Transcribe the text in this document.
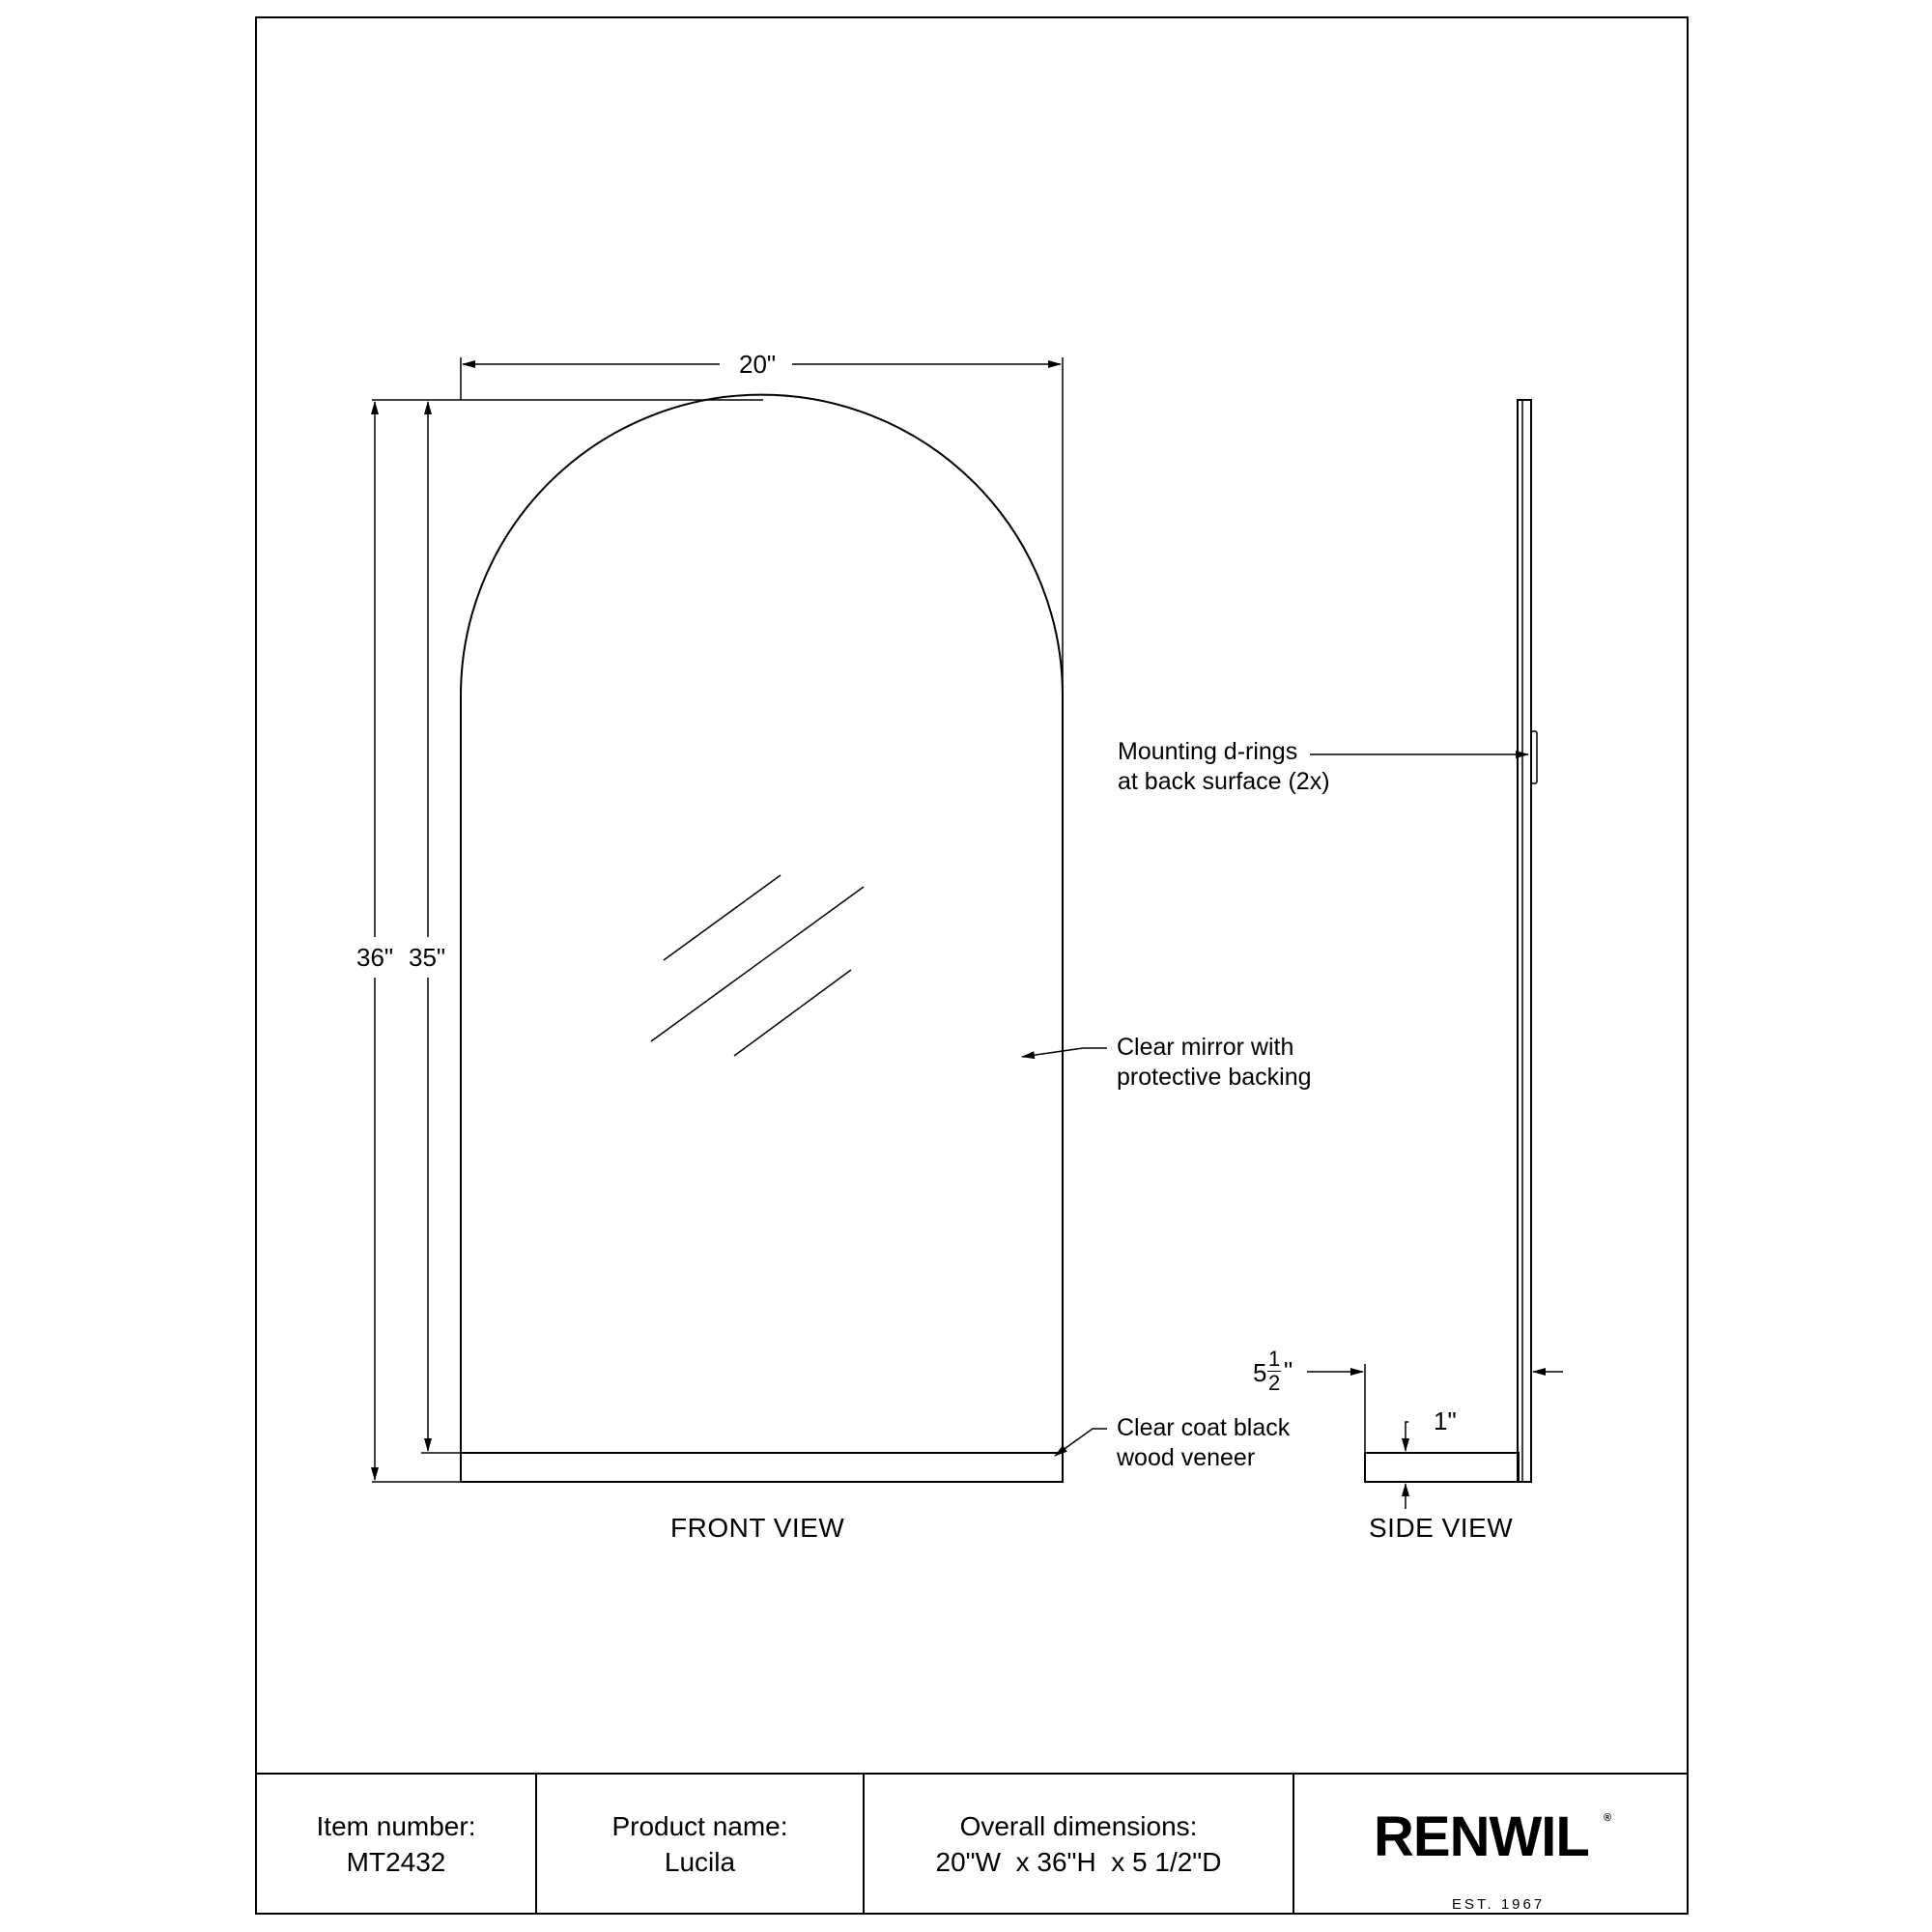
20"
36" 35"
5 1
2 "
1"
Mounting d-rings
at back surface (2x)
Clear mirror with
protective backing
Clear coat black
wood veneer
FRONT VIEW	SIDE VIEW
Item number:
MT2432
Product name:
Lucila
Overall dimensions:
20"W  x 36"H  x 5 1/2"D	RENWIL ®
EST. 1967
